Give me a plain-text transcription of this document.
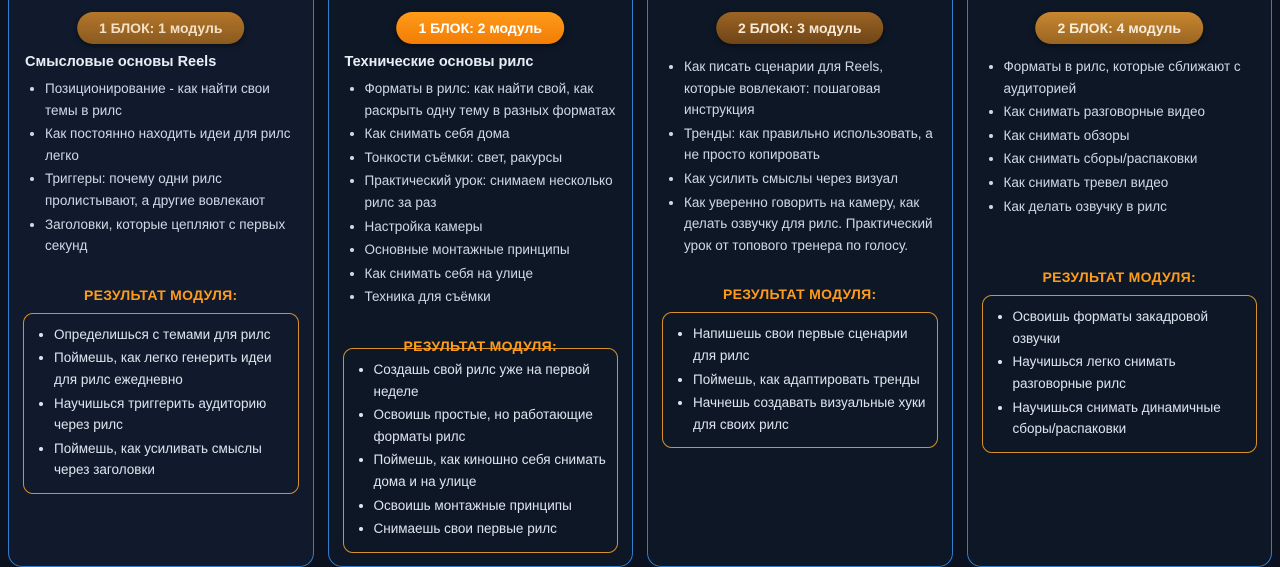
1 БЛОК: 1 модуль
Смысловые основы Reels
• Позиционирование - как найти свои темы в рилс
• Как постоянно находить идеи для рилс легко
• Триггеры: почему одни рилс пролистывают, а другие вовлекают
• Заголовки, которые цепляют с первых секунд
РЕЗУЛЬТАТ МОДУЛЯ:
• Определишься с темами для рилс
• Поймешь, как легко генерить идеи для рилс ежедневно
• Научишься триггерить аудиторию через рилс
• Поймешь, как усиливать смыслы через заголовки
1 БЛОК: 2 модуль
Технические основы рилс
• Форматы в рилс: как найти свой, как раскрыть одну тему в разных форматах
• Как снимать себя дома
• Тонкости съёмки: свет, ракурсы
• Практический урок: снимаем несколько рилс за раз
• Настройка камеры
• Основные монтажные принципы
• Как снимать себя на улице
• Техника для съёмки
РЕЗУЛЬТАТ МОДУЛЯ:
• Создашь свой рилс уже на первой неделе
• Освоишь простые, но работающие форматы рилс
• Поймешь, как киношно себя снимать дома и на улице
• Освоишь монтажные принципы
• Снимаешь свои первые рилс
2 БЛОК: 3 модуль
• Как писать сценарии для Reels, которые вовлекают: пошаговая инструкция
• Тренды: как правильно использовать, а не просто копировать
• Как усилить смыслы через визуал
• Как уверенно говорить на камеру, как делать озвучку для рилс. Практический урок от топового тренера по голосу.
РЕЗУЛЬТАТ МОДУЛЯ:
• Напишешь свои первые сценарии для рилс
• Поймешь, как адаптировать тренды
• Начнешь создавать визуальные хуки для своих рилс
2 БЛОК: 4 модуль
• Форматы в рилс, которые сближают с аудиторией
• Как снимать разговорные видео
• Как снимать обзоры
• Как снимать сборы/распаковки
• Как снимать тревел видео
• Как делать озвучку в рилс
РЕЗУЛЬТАТ МОДУЛЯ:
• Освоишь форматы закадровой озвучки
• Научишься легко снимать разговорные рилс
• Научишься снимать динамичные сборы/распаковки
